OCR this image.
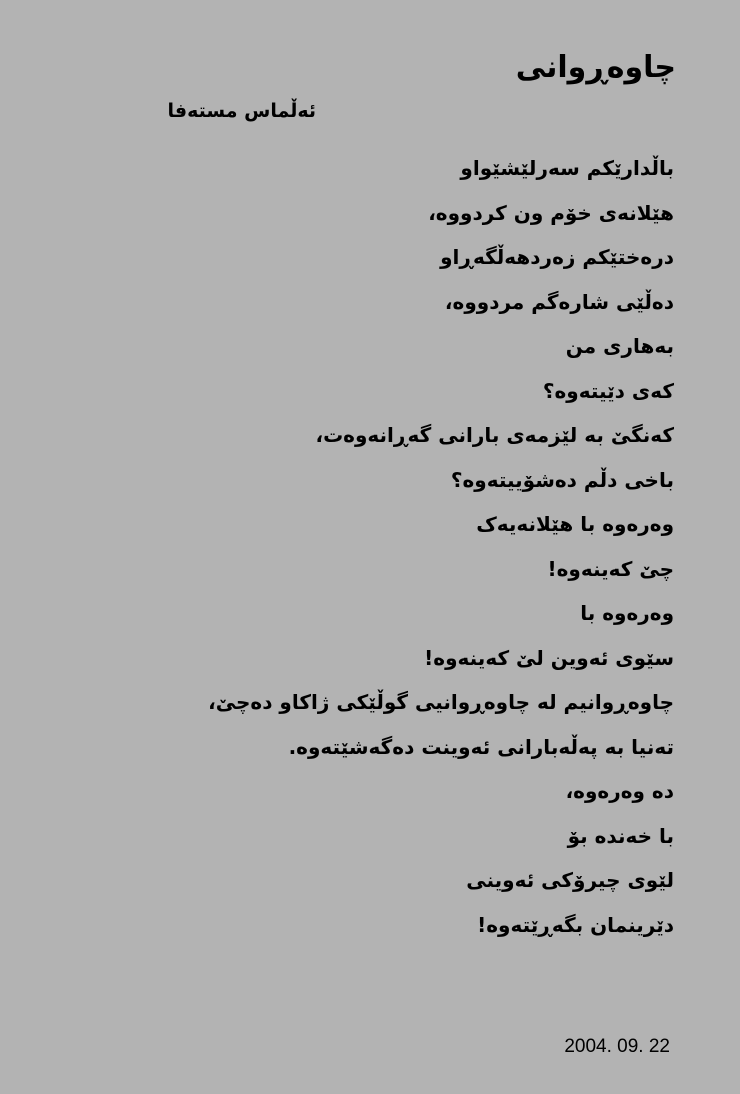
چاوەڕوانی
ئەڵماس مستەفا
باڵدارێکم سەرلێشێواو
هێلانەی خۆم ون کردووە،
درەختێکم زەردهەڵگەڕاو
دەڵێی شارەگم مردووە،
بەهاری من
کەی دێیتەوە؟
کەنگێ بە لێزمەی بارانی گەڕانەوەت،
باخی دڵم دەشۆییتەوە؟
وەرەوە با هێلانەیەک
چێ کەینەوە!
وەرەوە با
سێوی ئەوین لێ کەینەوە!
چاوەڕوانیم لە چاوەڕوانیی گوڵێکی ژاکاو دەچێ،
تەنیا بە پەڵەبارانی ئەوینت دەگەشێتەوە.
دە وەرەوە،
با خەندە بۆ
لێوی چیرۆکی ئەوینی
دێرینمان بگەڕێتەوە!
2004. 09. 22
